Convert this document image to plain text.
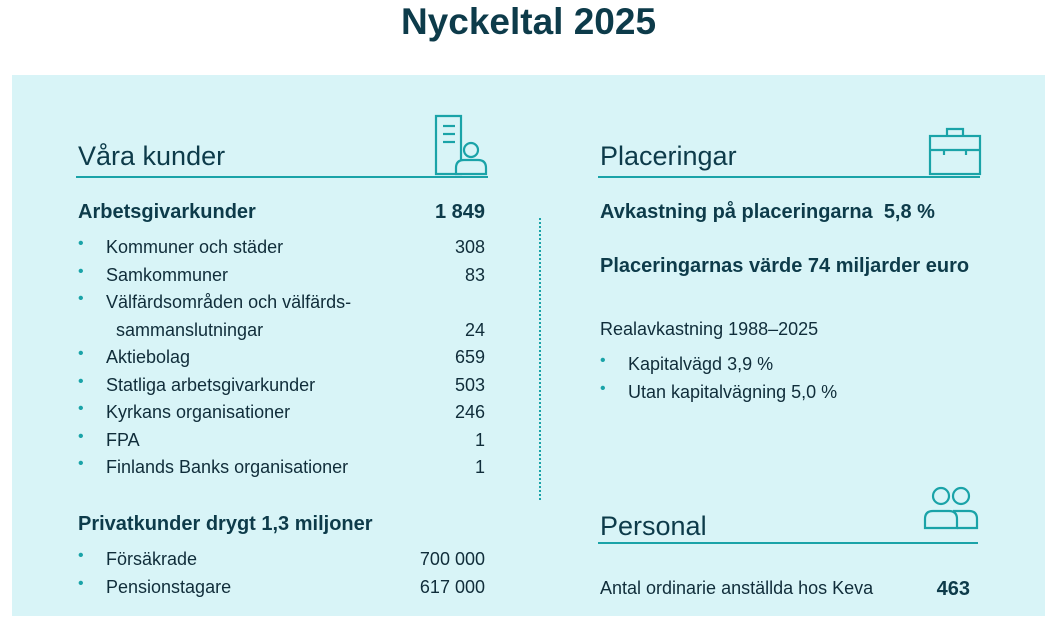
Nyckeltal 2025
Våra kunder
Arbetsgivarkunder	1 849
• Kommuner och städer	308
• Samkommuner	83
• Välfärdsområden och välfärds-
sammanslutningar	24
• Aktiebolag	659
• Statliga arbetsgivarkunder	503
• Kyrkans organisationer	246
• FPA	1
• Finlands Banks organisationer	1
Privatkunder drygt 1,3 miljoner
• Försäkrade	700 000
• Pensionstagare	617 000
Placeringar
Avkastning på placeringarna 5,8 %
Placeringarnas värde 74 miljarder euro
Realavkastning 1988–2025
• Kapitalvägd 3,9 %
• Utan kapitalvägning 5,0 %
Personal
Antal ordinarie anställda hos Keva	463
